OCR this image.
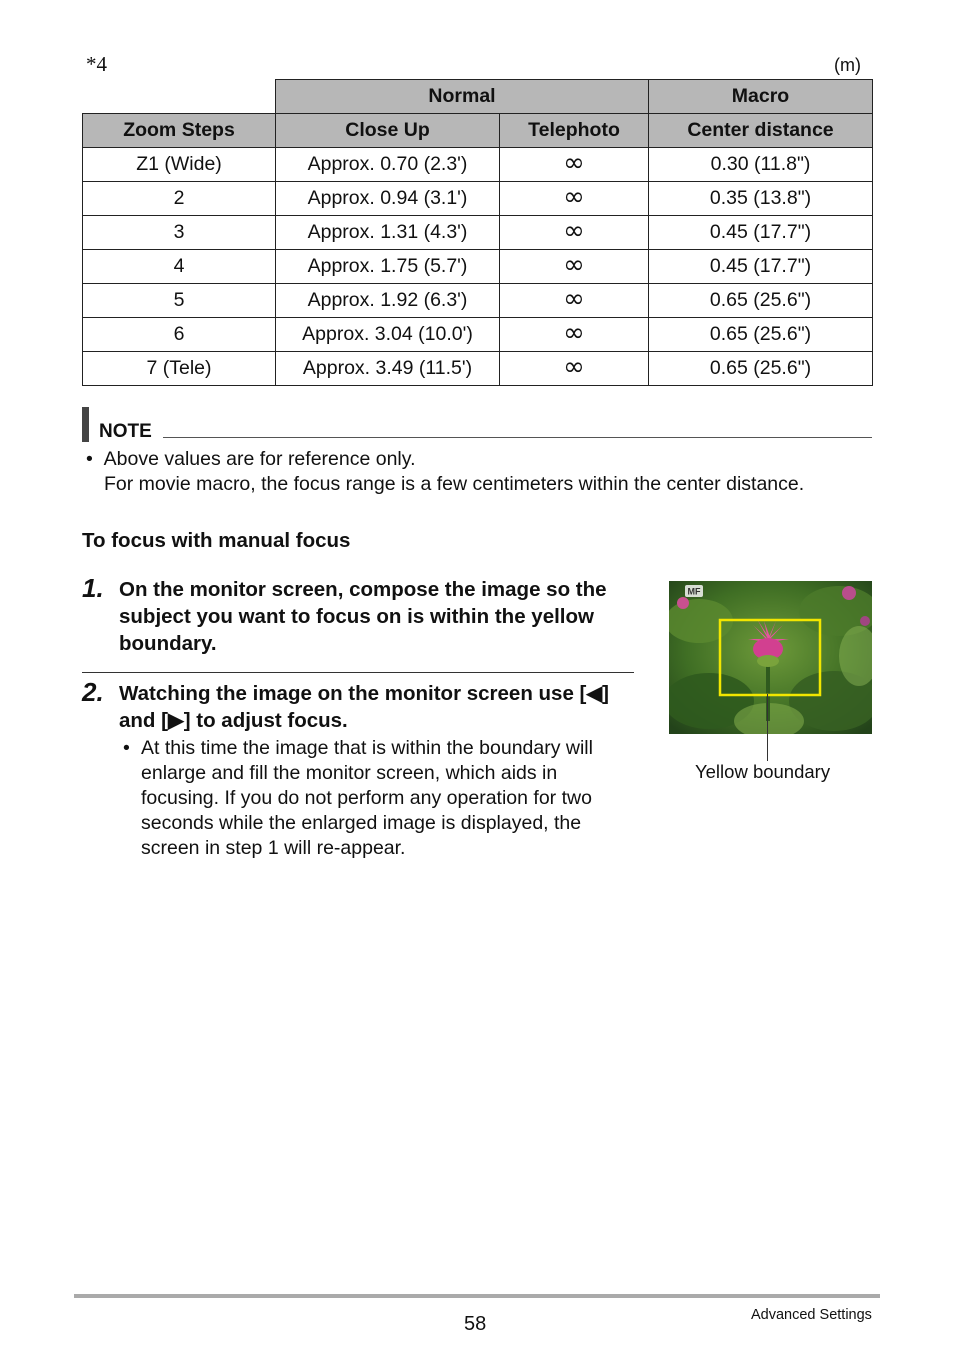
*4	(m)
	Normal		Macro
Zoom Steps	Close Up	Telephoto	Center distance
Z1 (Wide)	Approx. 0.70 (2.3')	∞	0.30 (11.8")
2	Approx. 0.94 (3.1')	∞	0.35 (13.8")
3	Approx. 1.31 (4.3')	∞	0.45 (17.7")
4	Approx. 1.75 (5.7')	∞	0.45 (17.7")
5	Approx. 1.92 (6.3')	∞	0.65 (25.6")
6	Approx. 3.04 (10.0')	∞	0.65 (25.6")
7 (Tele)	Approx. 3.49 (11.5')	∞	0.65 (25.6")
NOTE
• Above values are for reference only.
For movie macro, the focus range is a few centimeters within the center distance.
To focus with manual focus
1. On the monitor screen, compose the image so the subject you want to focus on is within the yellow boundary.
2. Watching the image on the monitor screen use [◀] and [▶] to adjust focus.
• At this time the image that is within the boundary will enlarge and fill the monitor screen, which aids in focusing. If you do not perform any operation for two seconds while the enlarged image is displayed, the screen in step 1 will re-appear.
MF
Yellow boundary
58	Advanced Settings
